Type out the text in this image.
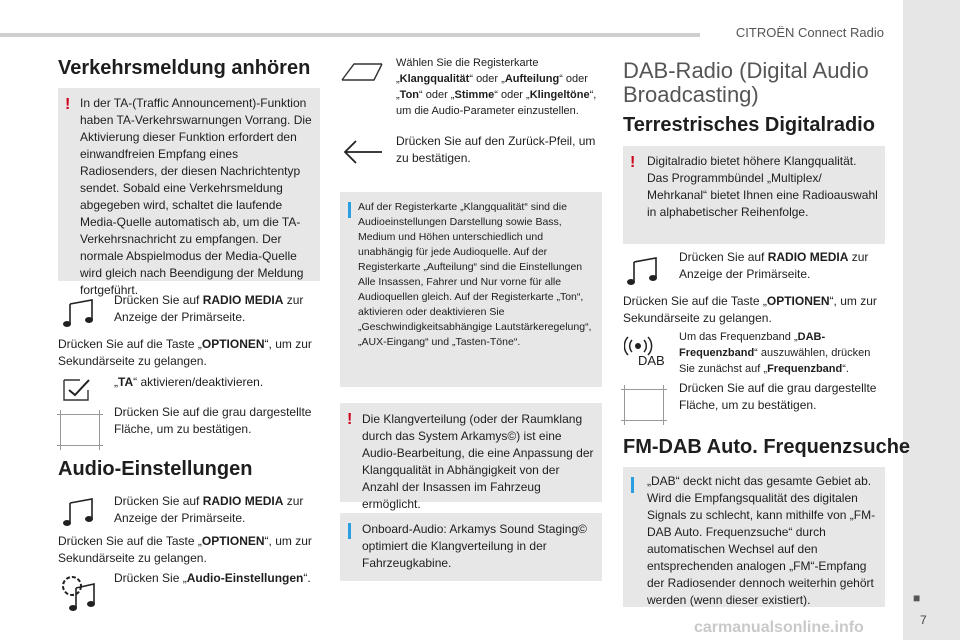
CITROËN Connect Radio
■
7
Verkehrsmeldung anhören
! In der TA-(Traffic Announcement)-Funktion haben TA-Verkehrswarnungen Vorrang. Die Aktivierung dieser Funktion erfordert den einwandfreien Empfang eines Radiosenders, der diesen Nachrichtentyp sendet. Sobald eine Verkehrsmeldung abgegeben wird, schaltet die laufende Media-Quelle automatisch ab, um die TA-Verkehrsnachricht zu empfangen. Der normale Abspielmodus der Media-Quelle wird gleich nach Beendigung der Meldung fortgeführt.

Drücken Sie auf RADIO MEDIA zur Anzeige der Primärseite.
Drücken Sie auf die Taste „OPTIONEN“, um zur Sekundärseite zu gelangen.
„TA“ aktivieren/deaktivieren.
Drücken Sie auf die grau dargestellte Fläche, um zu bestätigen.
Audio-Einstellungen
Drücken Sie auf RADIO MEDIA zur Anzeige der Primärseite.
Drücken Sie auf die Taste „OPTIONEN“, um zur Sekundärseite zu gelangen.
Drücken Sie „Audio-Einstellungen“.
Wählen Sie die Registerkarte „Klangqualität“ oder „Aufteilung“ oder „Ton“ oder „Stimme“ oder „Klingeltöne“, um die Audio-Parameter einzustellen.
Drücken Sie auf den Zurück-Pfeil, um zu bestätigen.

Auf der Registerkarte „Klangqualität“ sind die Audioeinstellungen Darstellung sowie Bass, Medium und Höhen unterschiedlich und unabhängig für jede Audioquelle. Auf der Registerkarte „Aufteilung“ sind die Einstellungen Alle Insassen, Fahrer und Nur vorne für alle Audioquellen gleich. Auf der Registerkarte „Ton“, aktivieren oder deaktivieren Sie „Geschwindigkeitsabhängige Lautstärkeregelung“, „AUX-Eingang“ und „Tasten-Töne“.

! Die Klangverteilung (oder der Raumklang durch das System Arkamys©) ist eine Audio-Bearbeitung, die eine Anpassung der Klangqualität in Abhängigkeit von der Anzahl der Insassen im Fahrzeug ermöglicht.

Onboard-Audio: Arkamys Sound Staging© optimiert die Klangverteilung in der Fahrzeugkabine.

DAB-Radio (Digital Audio Broadcasting)
Terrestrisches Digitalradio
! Digitalradio bietet höhere Klangqualität. Das Programmbündel „Multiplex/ Mehrkanal“ bietet Ihnen eine Radioauswahl in alphabetischer Reihenfolge.

Drücken Sie auf RADIO MEDIA zur Anzeige der Primärseite.
Drücken Sie auf die Taste „OPTIONEN“, um zur Sekundärseite zu gelangen.
DAB
Um das Frequenzband „DAB-Frequenzband“ auszuwählen, drücken Sie zunächst auf „Frequenzband“.
Drücken Sie auf die grau dargestellte Fläche, um zu bestätigen.
FM-DAB Auto. Frequenzsuche

„DAB“ deckt nicht das gesamte Gebiet ab. Wird die Empfangsqualität des digitalen Signals zu schlecht, kann mithilfe von „FM-DAB Auto. Frequenzsuche“ durch automatischen Wechsel auf den entsprechenden analogen „FM“-Empfang der Radiosender dennoch weiterhin gehört werden (wenn dieser existiert).

carmanualsonline.info
